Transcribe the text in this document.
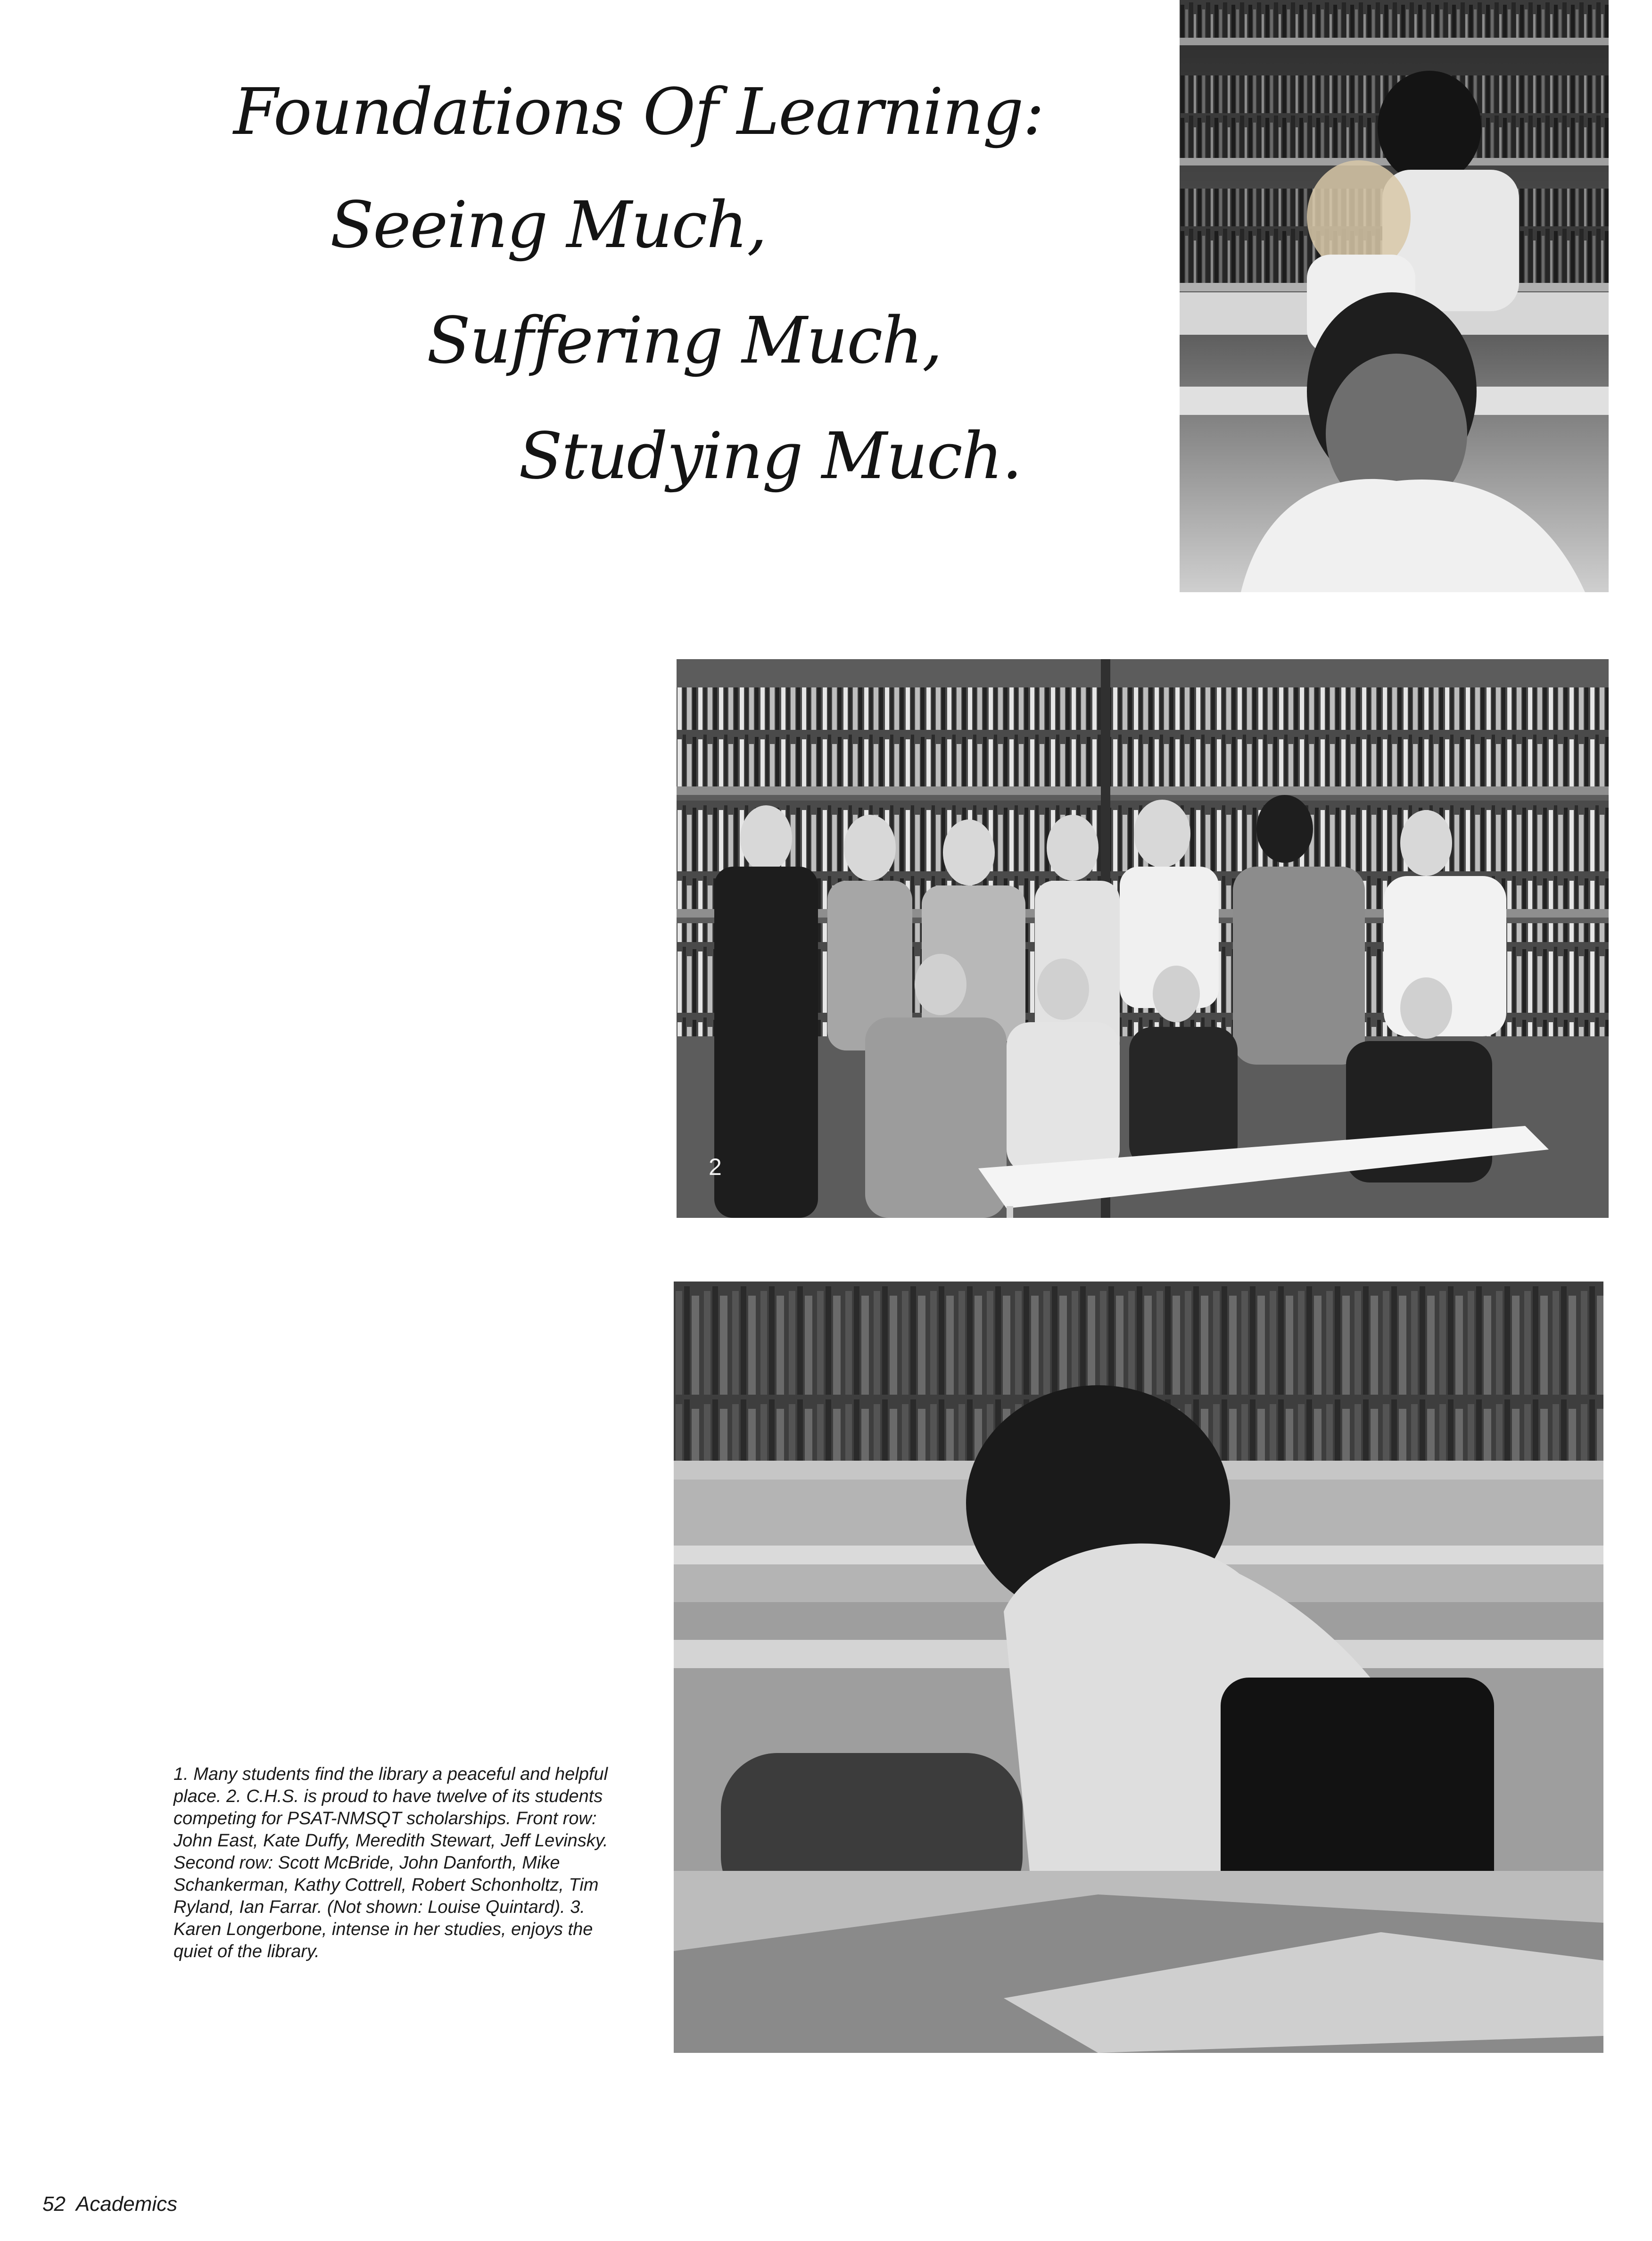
Foundations Of Learning:
Seeing Much,
Suffering Much,
Studying Much.
2

1. Many students find the library a peaceful and helpful place. 2. C.H.S. is proud to have twelve of its students competing for PSAT-NMSQT scholarships. Front row: John East, Kate Duffy, Meredith Stewart, Jeff Levinsky. Second row: Scott McBride, John Danforth, Mike Schankerman, Kathy Cottrell, Robert Schonholtz, Tim Ryland, Ian Farrar. (Not shown: Louise Quintard). 3. Karen Longerbone, intense in her studies, enjoys the quiet of the library.

52 Academics
